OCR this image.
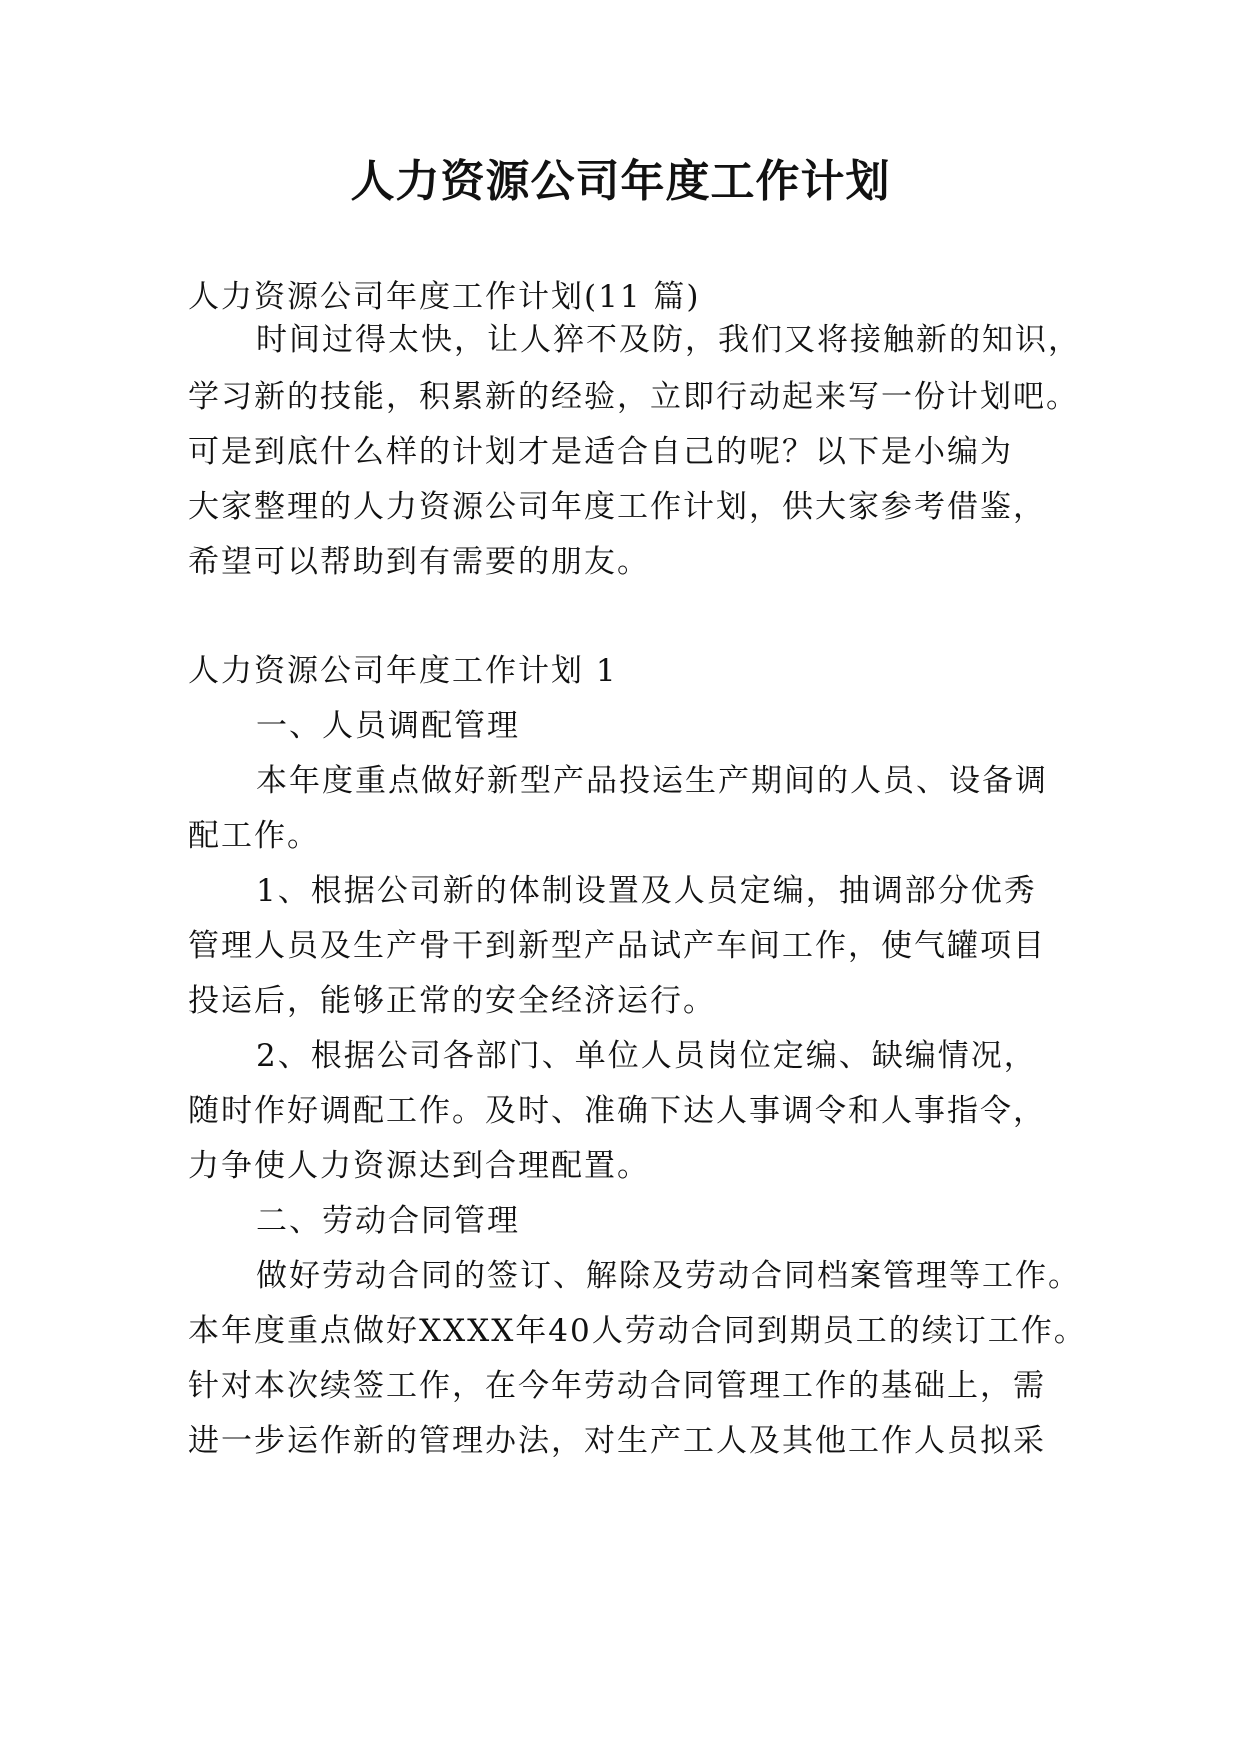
人力资源公司年度工作计划
人力资源公司年度工作计划(11 篇)
时间过得太快，让人猝不及防，我们又将接触新的知识，
学习新的技能，积累新的经验，立即行动起来写一份计划吧。
可是到底什么样的计划才是适合自己的呢？以下是小编为
大家整理的人力资源公司年度工作计划，供大家参考借鉴，
希望可以帮助到有需要的朋友。
人力资源公司年度工作计划 1
一、人员调配管理
本年度重点做好新型产品投运生产期间的人员、设备调
配工作。
1、根据公司新的体制设置及人员定编，抽调部分优秀
管理人员及生产骨干到新型产品试产车间工作，使气罐项目
投运后，能够正常的安全经济运行。
2、根据公司各部门、单位人员岗位定编、缺编情况，
随时作好调配工作。及时、准确下达人事调令和人事指令，
力争使人力资源达到合理配置。
二、劳动合同管理
做好劳动合同的签订、解除及劳动合同档案管理等工作。
本年度重点做好XXXX年40人劳动合同到期员工的续订工作。
针对本次续签工作，在今年劳动合同管理工作的基础上，需
进一步运作新的管理办法，对生产工人及其他工作人员拟采
